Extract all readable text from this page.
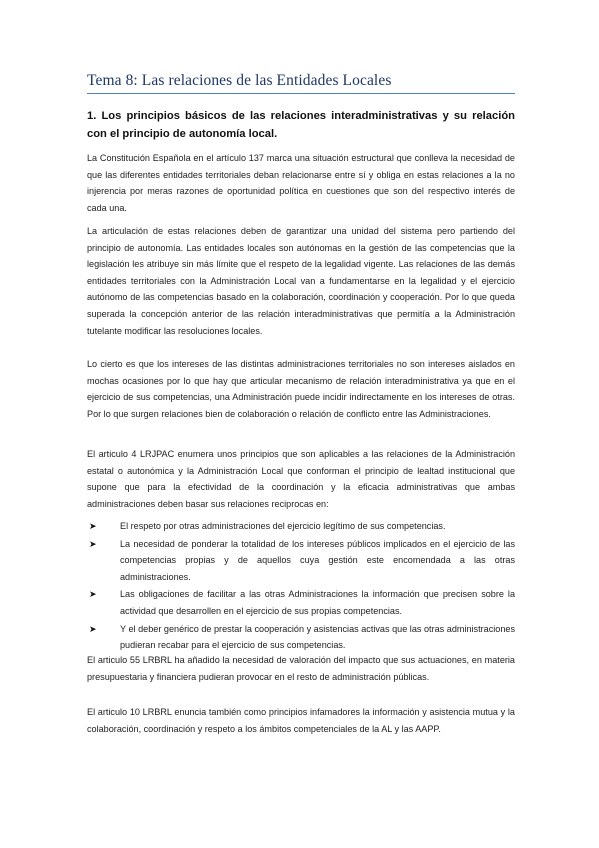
Tema 8: Las relaciones de las Entidades Locales
1. Los principios básicos de las relaciones interadministrativas y su relación con el principio de autonomía local.

La Constitución Española en el artículo 137 marca una situación estructural que conlleva la necesidad de que las diferentes entidades territoriales deban relacionarse entre sí y obliga en estas relaciones a la no injerencia por meras razones de oportunidad política en cuestiones que son del respectivo interés de cada una.

La articulación de estas relaciones deben de garantizar una unidad del sistema pero partiendo del principio de autonomía. Las entidades locales son autónomas en la gestión de las competencias que la legislación les atribuye sin más límite que el respeto de la legalidad vigente. Las relaciones de las demás entidades territoriales con la Administración Local van a fundamentarse en la legalidad y el ejercicio autónomo de las competencias basado en la colaboración, coordinación y cooperación. Por lo que queda superada la concepción anterior de las relación interadministrativas que permitía a la Administración tutelante modificar las resoluciones locales.

Lo cierto es que los intereses de las distintas administraciones territoriales no son intereses aislados en mochas ocasiones por lo que hay que articular mecanismo de relación interadministrativa ya que en el ejercicio de sus competencias, una Administración puede incidir indirectamente en los intereses de otras. Por lo que surgen relaciones bien de colaboración o relación de conflicto entre las Administraciones.

El articulo 4 LRJPAC enumera unos principios que son aplicables a las relaciones de la Administración estatal o autonómica y la Administración Local que conforman el principio de lealtad institucional que supone que para la efectividad de la coordinación y la eficacia administrativas que ambas administraciones deben basar sus relaciones reciprocas en:

➤	El respeto por otras administraciones del ejercicio legítimo de sus competencias.
➤	La necesidad de ponderar la totalidad de los intereses públicos implicados en el ejercicio de las competencias propias y de aquellos cuya gestión este encomendada a las otras administraciones.
➤	Las obligaciones de facilitar a las otras Administraciones la información que precisen sobre la actividad que desarrollen en el ejercicio de sus propias competencias.
➤	Y el deber genérico de prestar la cooperación y asistencias activas que las otras administraciones pudieran recabar para el ejercicio de sus competencias.

El articulo 55 LRBRL ha añadido la necesidad de valoración del impacto que sus actuaciones, en materia presupuestaria y financiera pudieran provocar en el resto de administración públicas.

El articulo 10 LRBRL enuncia también como principios infamadores la información y asistencia mutua y la colaboración, coordinación y respeto a los ámbitos competenciales de la AL y las AAPP.
